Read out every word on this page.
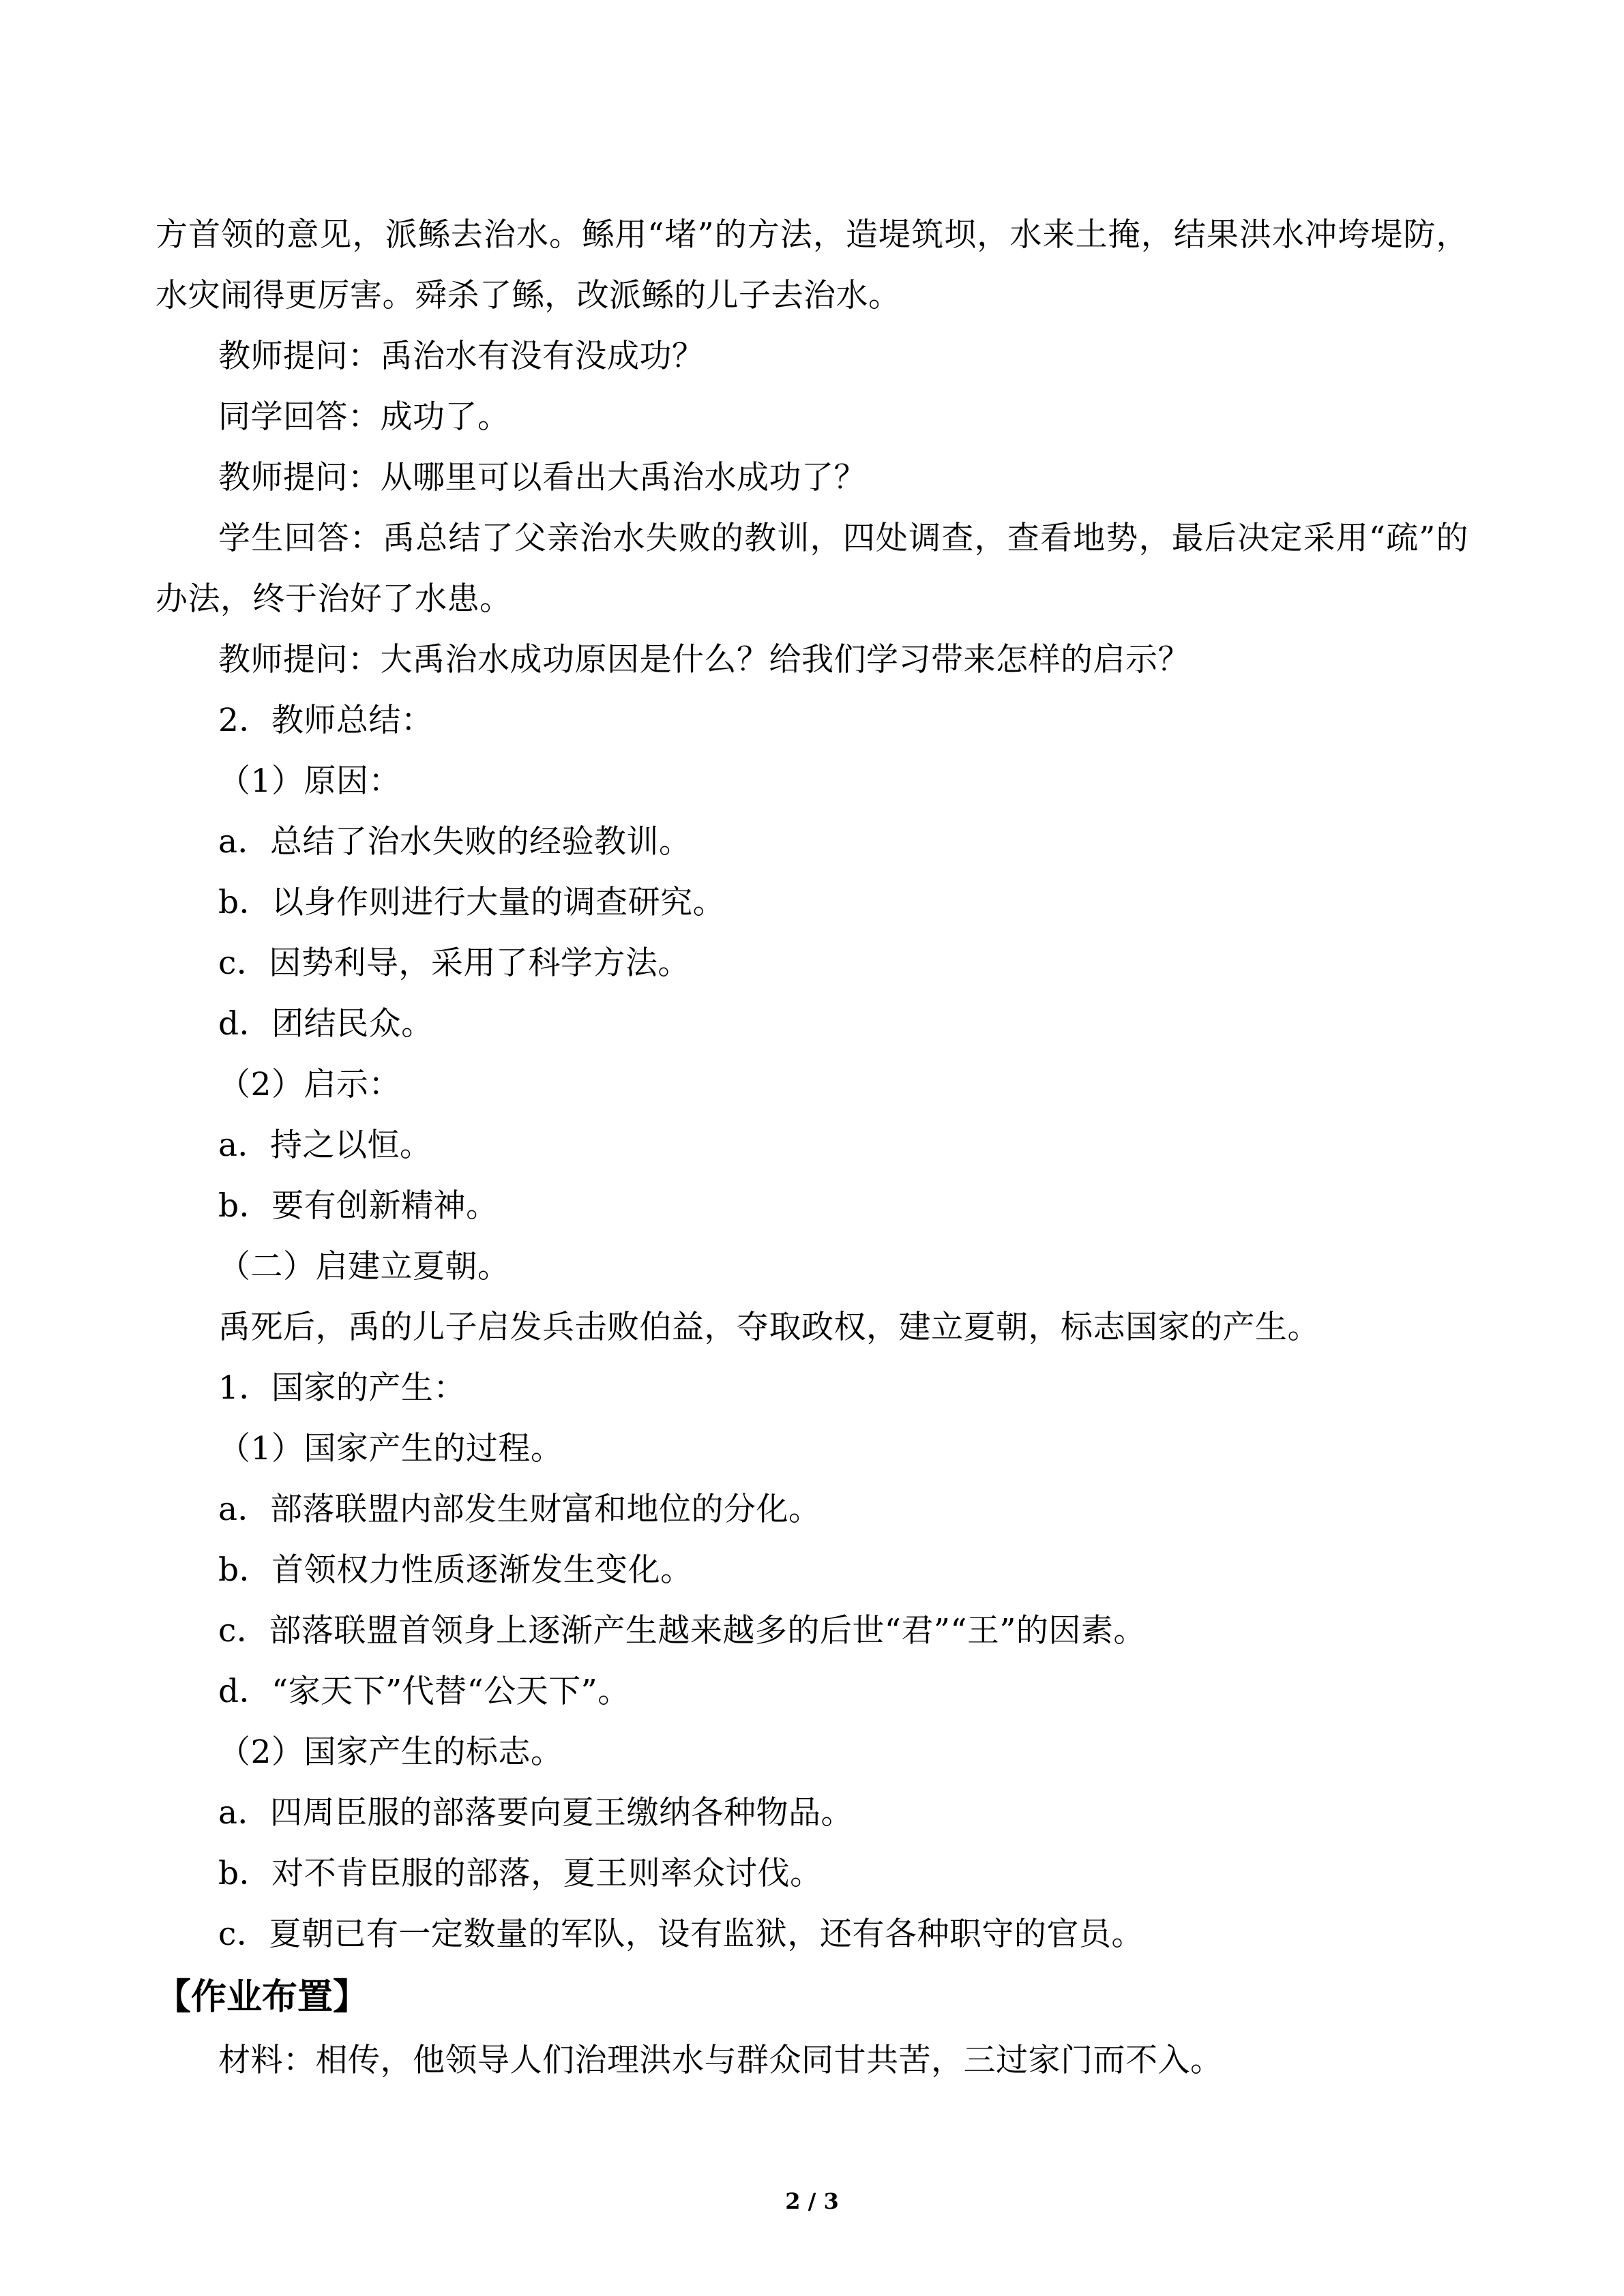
方首领的意见，派鲧去治水。鲧用“堵”的方法，造堤筑坝，水来土掩，结果洪水冲垮堤防，水灾闹得更厉害。舜杀了鲧，改派鲧的儿子去治水。

教师提问：禹治水有没有没成功？

同学回答：成功了。

教师提问：从哪里可以看出大禹治水成功了？

学生回答：禹总结了父亲治水失败的教训，四处调查，查看地势，最后决定采用“疏”的办法，终于治好了水患。

教师提问：大禹治水成功原因是什么？给我们学习带来怎样的启示？

2．教师总结：

（1）原因：

a．总结了治水失败的经验教训。

b．以身作则进行大量的调查研究。

c．因势利导，采用了科学方法。

d．团结民众。

（2）启示：

a．持之以恒。

b．要有创新精神。

（二）启建立夏朝。

禹死后，禹的儿子启发兵击败伯益，夺取政权，建立夏朝，标志国家的产生。

1．国家的产生：

（1）国家产生的过程。

a．部落联盟内部发生财富和地位的分化。

b．首领权力性质逐渐发生变化。

c．部落联盟首领身上逐渐产生越来越多的后世“君”“王”的因素。

d．“家天下”代替“公天下”。

（2）国家产生的标志。

a．四周臣服的部落要向夏王缴纳各种物品。

b．对不肯臣服的部落，夏王则率众讨伐。

c．夏朝已有一定数量的军队，设有监狱，还有各种职守的官员。

【作业布置】

材料：相传，他领导人们治理洪水与群众同甘共苦，三过家门而不入。

2 / 3
